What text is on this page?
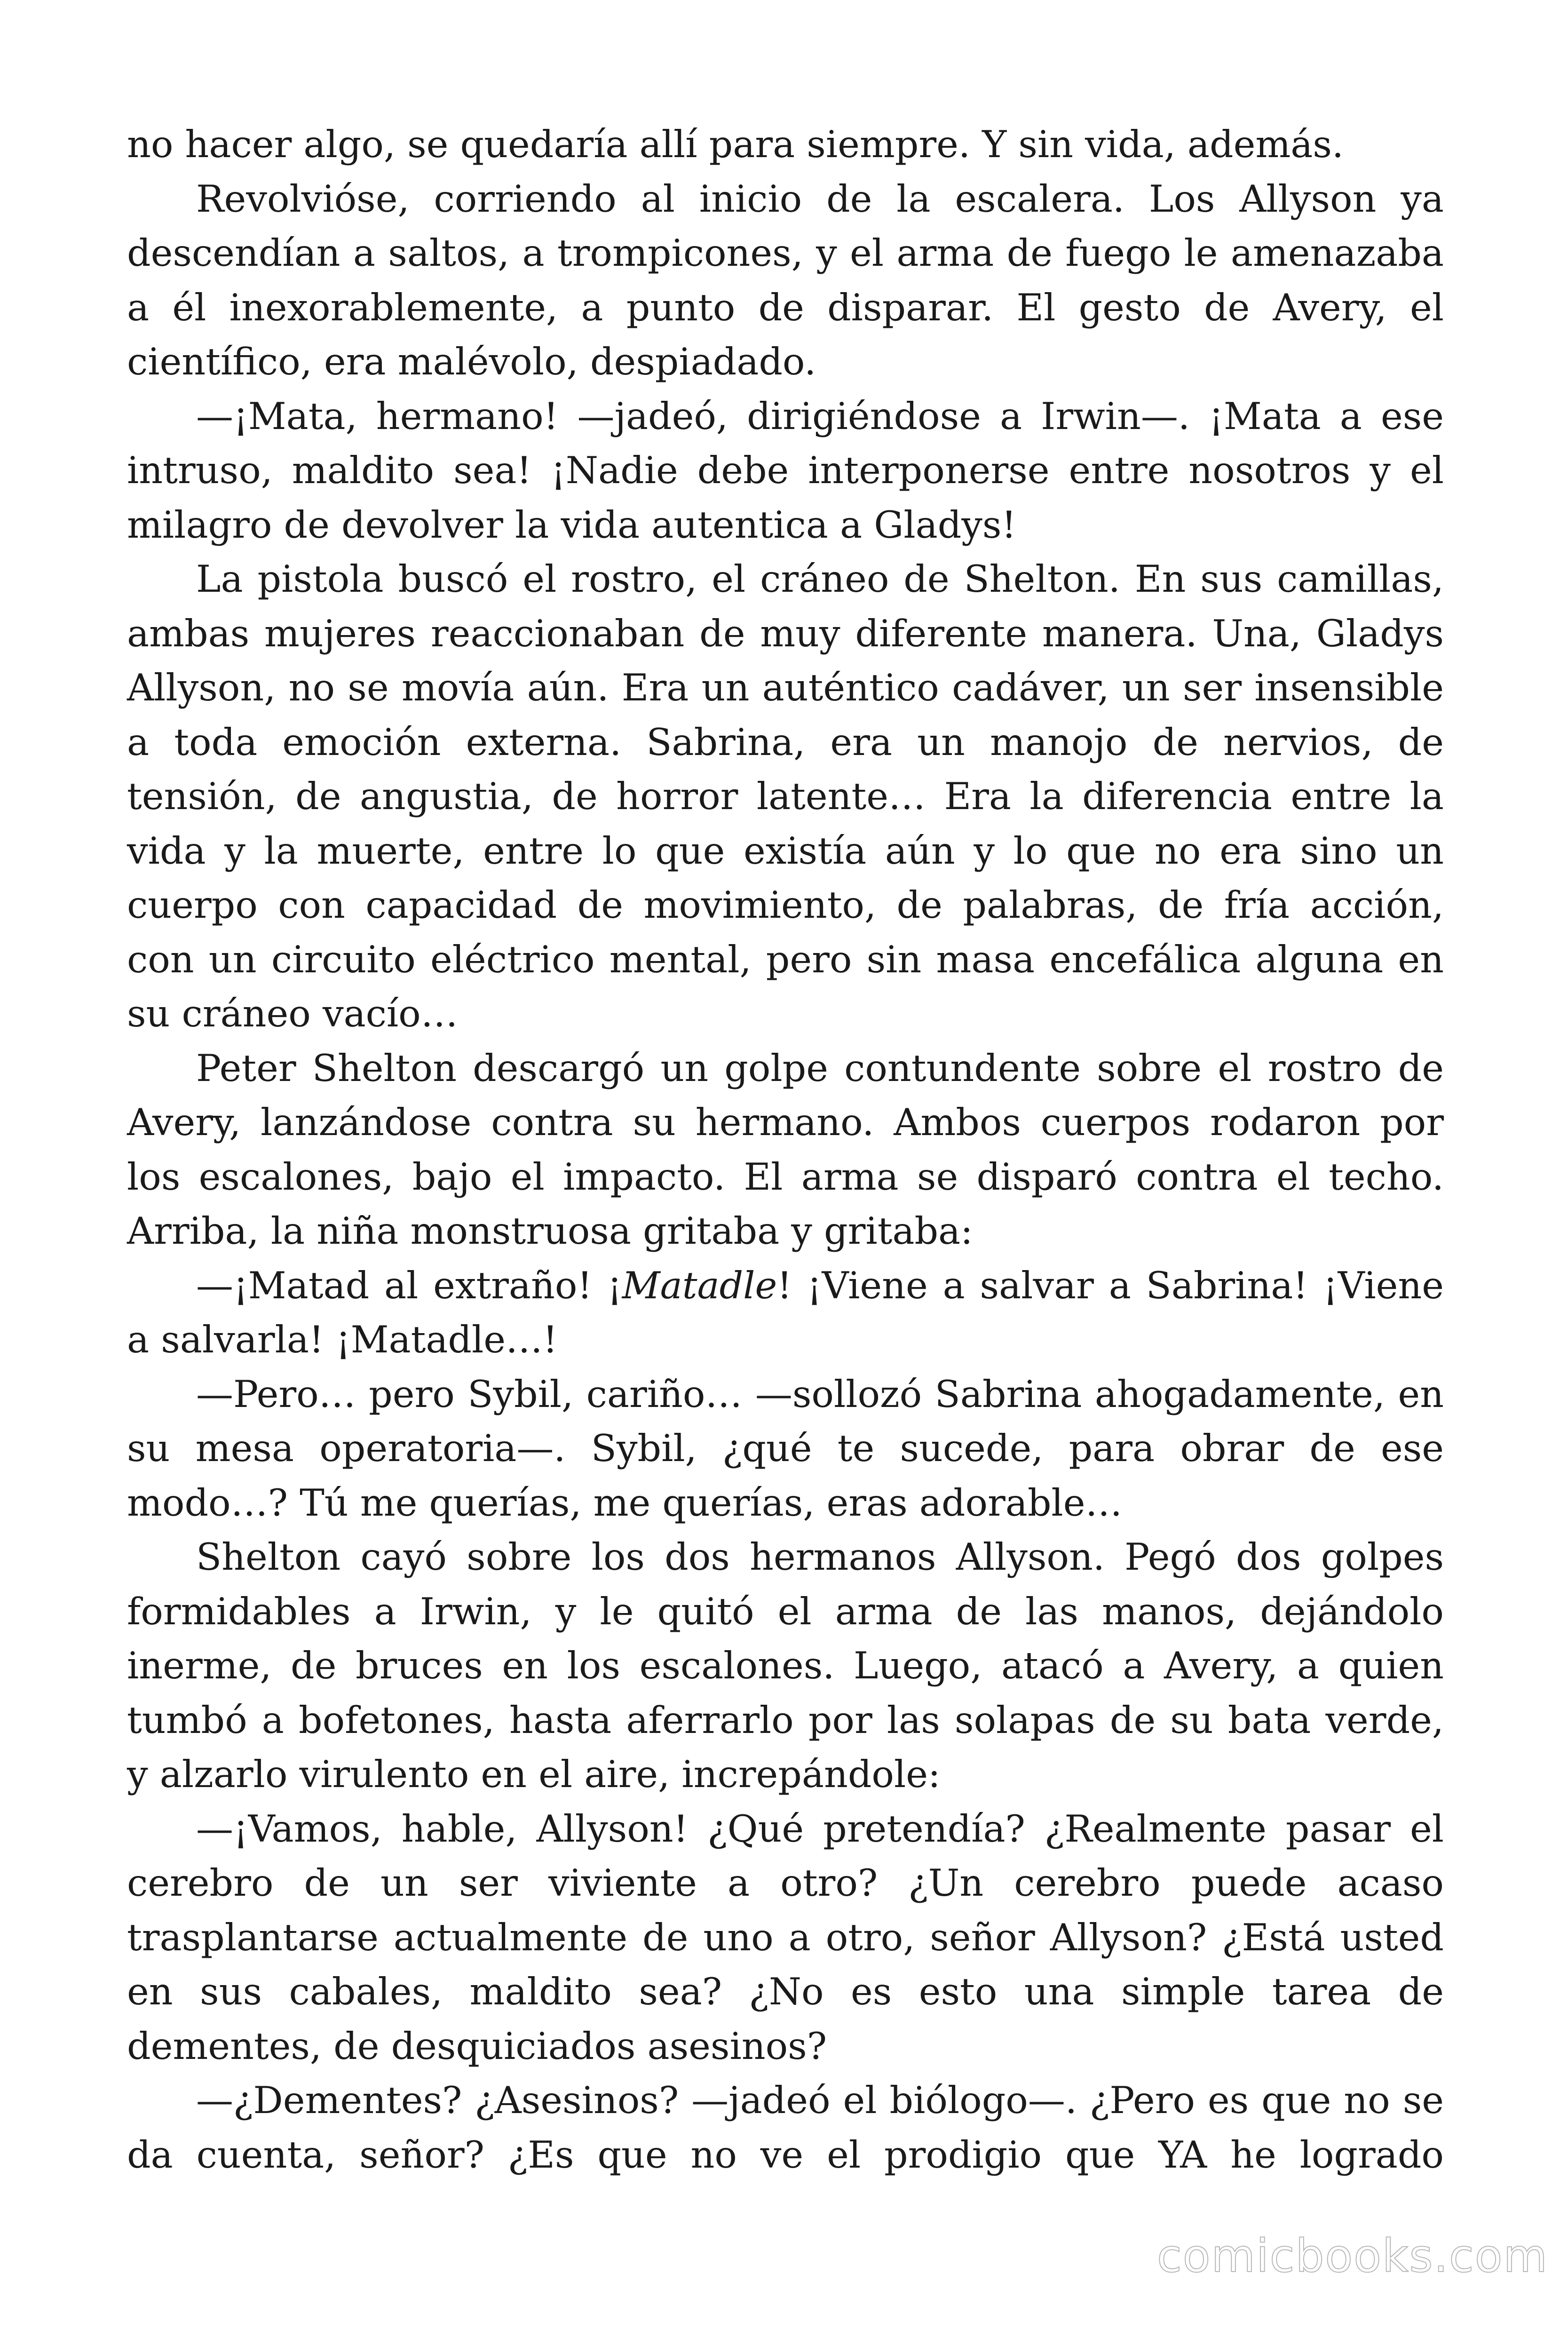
no hacer algo, se quedaría allí para siempre. Y sin vida, además.

Revolvióse, corriendo al inicio de la escalera. Los Allyson ya descendían a saltos, a trompicones, y el arma de fuego le amenazaba a él inexorablemente, a punto de disparar. El gesto de Avery, el científico, era malévolo, despiadado.

—¡Mata, hermano! —jadeó, dirigiéndose a Irwin—. ¡Mata a ese intruso, maldito sea! ¡Nadie debe interponerse entre nosotros y el milagro de devolver la vida autentica a Gladys!

La pistola buscó el rostro, el cráneo de Shelton. En sus camillas, ambas mujeres reaccionaban de muy diferente manera. Una, Gladys Allyson, no se movía aún. Era un auténtico cadáver, un ser insensible a toda emoción externa. Sabrina, era un manojo de nervios, de tensión, de angustia, de horror latente… Era la diferencia entre la vida y la muerte, entre lo que existía aún y lo que no era sino un cuerpo con capacidad de movimiento, de palabras, de fría acción, con un circuito eléctrico mental, pero sin masa encefálica alguna en su cráneo vacío…

Peter Shelton descargó un golpe contundente sobre el rostro de Avery, lanzándose contra su hermano. Ambos cuerpos rodaron por los escalones, bajo el impacto. El arma se disparó contra el techo. Arriba, la niña monstruosa gritaba y gritaba:

—¡Matad al extraño! ¡Matadle! ¡Viene a salvar a Sabrina! ¡Viene a salvarla! ¡Matadle…!

—Pero… pero Sybil, cariño… —sollozó Sabrina ahogadamente, en su mesa operatoria—. Sybil, ¿qué te sucede, para obrar de ese modo…? Tú me querías, me querías, eras adorable…

Shelton cayó sobre los dos hermanos Allyson. Pegó dos golpes formidables a Irwin, y le quitó el arma de las manos, dejándolo inerme, de bruces en los escalones. Luego, atacó a Avery, a quien tumbó a bofetones, hasta aferrarlo por las solapas de su bata verde, y alzarlo virulento en el aire, increpándole:

—¡Vamos, hable, Allyson! ¿Qué pretendía? ¿Realmente pasar el cerebro de un ser viviente a otro? ¿Un cerebro puede acaso trasplantarse actualmente de uno a otro, señor Allyson? ¿Está usted en sus cabales, maldito sea? ¿No es esto una simple tarea de dementes, de desquiciados asesinos?

—¿Dementes? ¿Asesinos? —jadeó el biólogo—. ¿Pero es que no se da cuenta, señor? ¿Es que no ve el prodigio que YA he logrado

comicbooks.com
